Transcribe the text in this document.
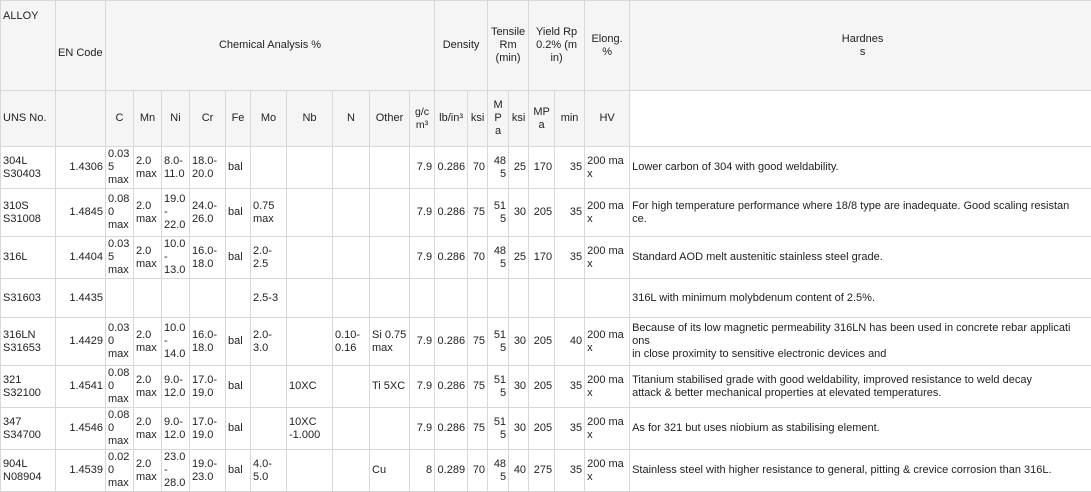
ALLOY	EN Code	Chemical Analysis %										Density		Tensile
Rm
(min)		Yield Rp
0.2% (m
in)		Elong.
%	Hardnes
s	
UNS No.		C	Mn	Ni	Cr	Fe	Mo	Nb	N	Other	g/c
m³	lb/in³	ksi	MP
a	ksi	MP
a	min	HV		
304L
S30403	1.4306	0.035
max	2.0
max	8.0-
11.0	18.0-
20.0	bal					7.9	0.286	70	485	25	170	35	200 max	Lower carbon of 304 with good weldability.	
310S
S31008	1.4845	0.080
max	2.0
max	19.0-
22.0	24.0-
26.0	bal	0.75
max				7.9	0.286	75	515	30	205	35	200 max	For high temperature performance where 18/8 type are inadequate. Good scaling resistan
ce.	
316L	1.4404	0.035
max	2.0
max	10.0-
13.0	16.0-
18.0	bal	2.0-
2.5				7.9	0.286	70	485	25	170	35	200 max	Standard AOD melt austenitic stainless steel grade.	
S31603	1.4435						2.5-3												316L with minimum molybdenum content of 2.5%.	
316LN
S31653	1.4429	0.030
max	2.0
max	10.0-
14.0	16.0-
18.0	bal	2.0-
3.0		0.10-
0.16	Si 0.75
max	7.9	0.286	75	515	30	205	40	200 max	Because of its low magnetic permeability 316LN has been used in concrete rebar applicati
ons
in close proximity to sensitive electronic devices and	
321
S32100	1.4541	0.080
max	2.0
max	9.0-
12.0	17.0-
19.0	bal		10XC		Ti 5XC	7.9	0.286	75	515	30	205	35	200 max	Titanium stabilised grade with good weldability, improved resistance to weld decay
attack & better mechanical properties at elevated temperatures.	
347
S34700	1.4546	0.080
max	2.0
max	9.0-
12.0	17.0-
19.0	bal		10XC
-1.000			7.9	0.286	75	515	30	205	35	200 max	As for 321 but uses niobium as stabilising element.	
904L
N08904	1.4539	0.020
max	2.0
max	23.0-
28.0	19.0-
23.0	bal	4.0-
5.0			Cu	8	0.289	70	485	40	275	35	200 max	Stainless steel with higher resistance to general, pitting & crevice corrosion than 316L.	
